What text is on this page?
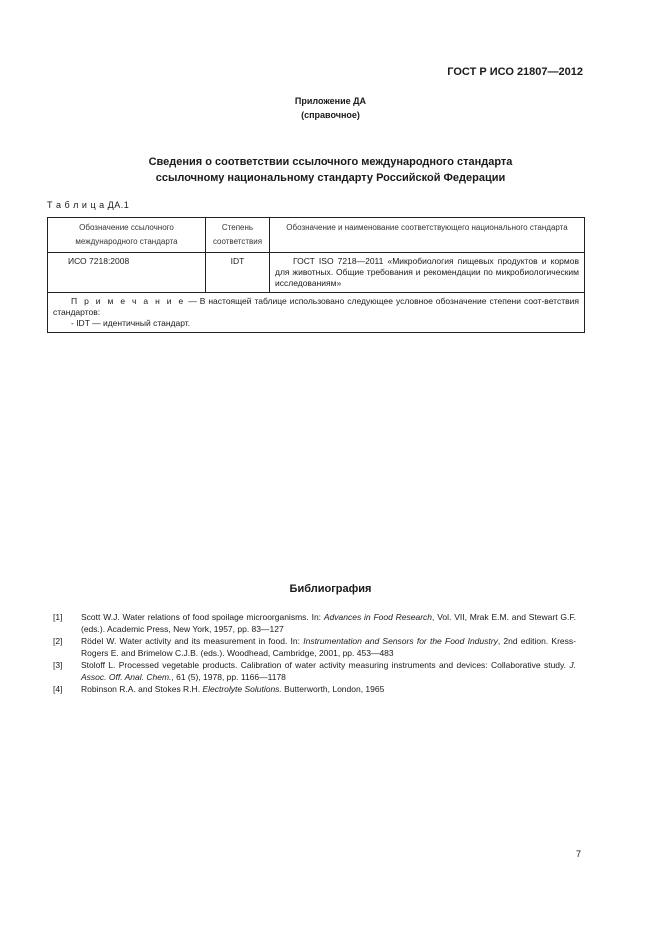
ГОСТ Р ИСО 21807—2012
Приложение ДА
(справочное)
Сведения о соответствии ссылочного международного стандарта
ссылочному национальному стандарту Российской Федерации
Т а б л и ц а ДА.1
Обозначение ссылочного международного стандарта	Степень соответствия	Обозначение и наименование соответствующего национального стандарта
ИСО 7218:2008	IDT	ГОСТ ISO 7218—2011 «Микробиология пищевых продуктов и кормов для животных. Общие требования и рекомендации по микробиологическим исследованиям»

П р и м е ч а н и е — В настоящей таблице использовано следующее условное обозначение степени соот-ветствия стандартов:
- IDT — идентичный стандарт.		
Библиография
[1]	Scott W.J. Water relations of food spoilage microorganisms. In: Advances in Food Research, Vol. VII, Mrak E.M. and Stewart G.F. (eds.). Academic Press, New York, 1957, pp. 83—127
[2]	Rödel W. Water activity and its measurement in food. In: Instrumentation and Sensors for the Food Industry, 2nd edition. Kress-Rogers E. and Brimelow C.J.B. (eds.). Woodhead, Cambridge, 2001, pp. 453—483
[3]	Stoloff L. Processed vegetable products. Calibration of water activity measuring instruments and devices: Collaborative study. J. Assoc. Off. Anal. Chem., 61 (5), 1978, pp. 1166—1178
[4]	Robinson R.A. and Stokes R.H. Electrolyte Solutions. Butterworth, London, 1965
7
